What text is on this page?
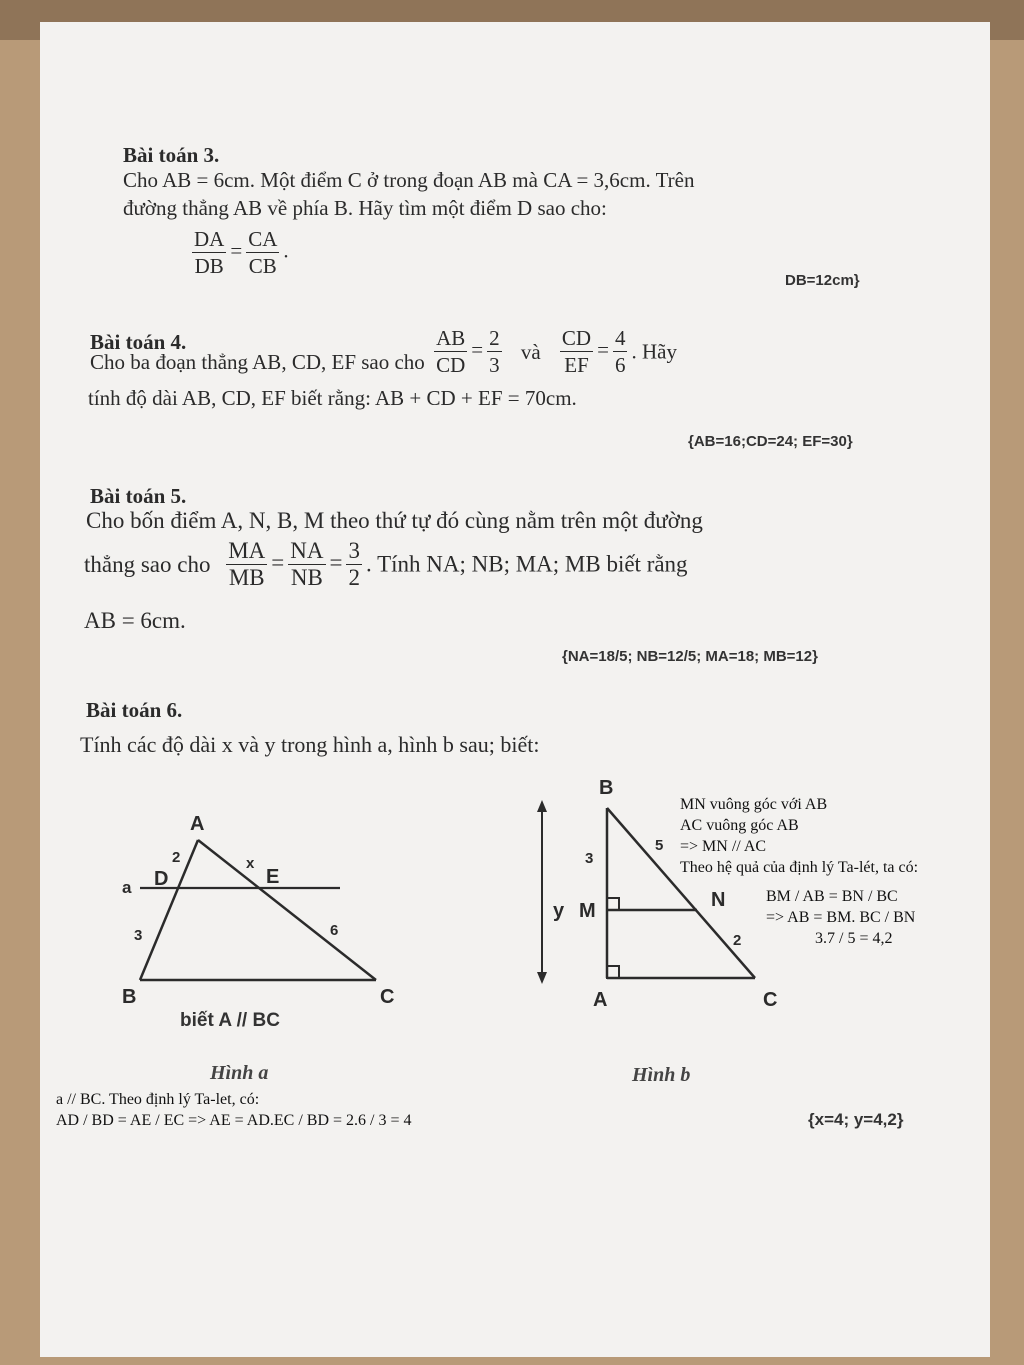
Bài toán 3.
Cho AB = 6cm. Một điểm C ở trong đoạn AB mà CA = 3,6cm. Trên
đường thẳng AB về phía B. Hãy tìm một điểm D sao cho:
$\frac{DA}{DB} = \frac{CA}{CB}$ .
DB=12cm}
Bài toán 4.
Cho ba đoạn thẳng AB, CD, EF sao cho $\frac{AB}{CD} = \frac{2}{3}$ và $\frac{CD}{EF} = \frac{4}{6}$ . Hãy
tính độ dài AB, CD, EF biết rằng: AB + CD + EF = 70cm.
{AB=16;CD=24; EF=30}
Bài toán 5.
Cho bốn điểm A, N, B, M theo thứ tự đó cùng nằm trên một đường
thẳng sao cho $\frac{MA}{MB} = \frac{NA}{NB} = \frac{3}{2}$ . Tính NA; NB; MA; MB biết rằng
AB = 6cm.
{NA=18/5; NB=12/5; MA=18; MB=12}
Bài toán 6.
Tính các độ dài x và y trong hình a, hình b sau; biết:
A
D	E
B	C
a
2	x
3	6
biết A // BC
Hình a
B
M	N
A	C
y
3
5
2
Hình b
{x=4; y=4,2}
MN vuông góc với AB
AC vuông góc AB
=> MN // AC
Theo hệ quả của định lý Ta-lét, ta có:
BM / AB = BN / BC
=> AB = BM. BC / BN
3.7 / 5 = 4,2
a // BC. Theo định lý Ta-let, có:
AD / BD = AE / EC => AE = AD.EC / BD = 2.6 / 3 = 4
